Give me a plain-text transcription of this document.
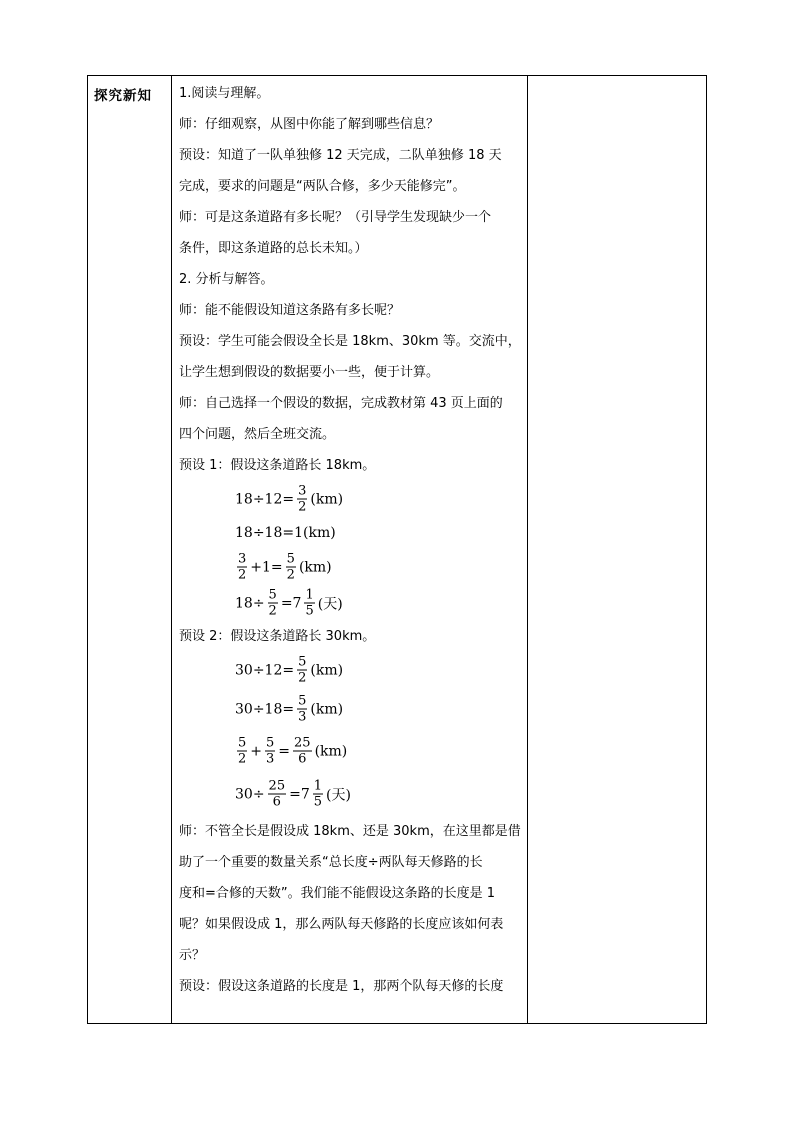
探究新知	1.阅读与理解。

师：仔细观察，从图中你能了解到哪些信息？

预设：知道了一队单独修 12 天完成，二队单独修 18 天

完成，要求的问题是“两队合修，多少天能修完”。

师：可是这条道路有多长呢？（引导学生发现缺少一个

条件，即这条道路的总长未知。）

2. 分析与解答。

师：能不能假设知道这条路有多长呢？

预设：学生可能会假设全长是 18km、30km 等。交流中，

让学生想到假设的数据要小一些，便于计算。

师：自己选择一个假设的数据，完成教材第 43 页上面的

四个问题，然后全班交流。

预设 1：假设这条道路长 18km。

$18\div 12= \frac{3}{2} (km)$
18÷18=1(km)
$\frac{3}{2} +1= \frac{5}{2} (km)$
$18\div \frac{5}{2} =7 \frac{1}{5}$ (天)

预设 2：假设这条道路长 30km。

$30\div 12= \frac{5}{2} (km)$
$30\div 18= \frac{5}{3} (km)$
$\frac{5}{2} + \frac{5}{3} = \frac{25}{6} (km)$
$30\div \frac{25}{6} =7 \frac{1}{5}$ (天)

师：不管全长是假设成 18km、还是 30km，在这里都是借

助了一个重要的数量关系“总长度÷两队每天修路的长

度和=合修的天数”。我们能不能假设这条路的长度是 1

呢？如果假设成 1，那么两队每天修路的长度应该如何表

示？

预设：假设这条道路的长度是 1，那两个队每天修的长度
